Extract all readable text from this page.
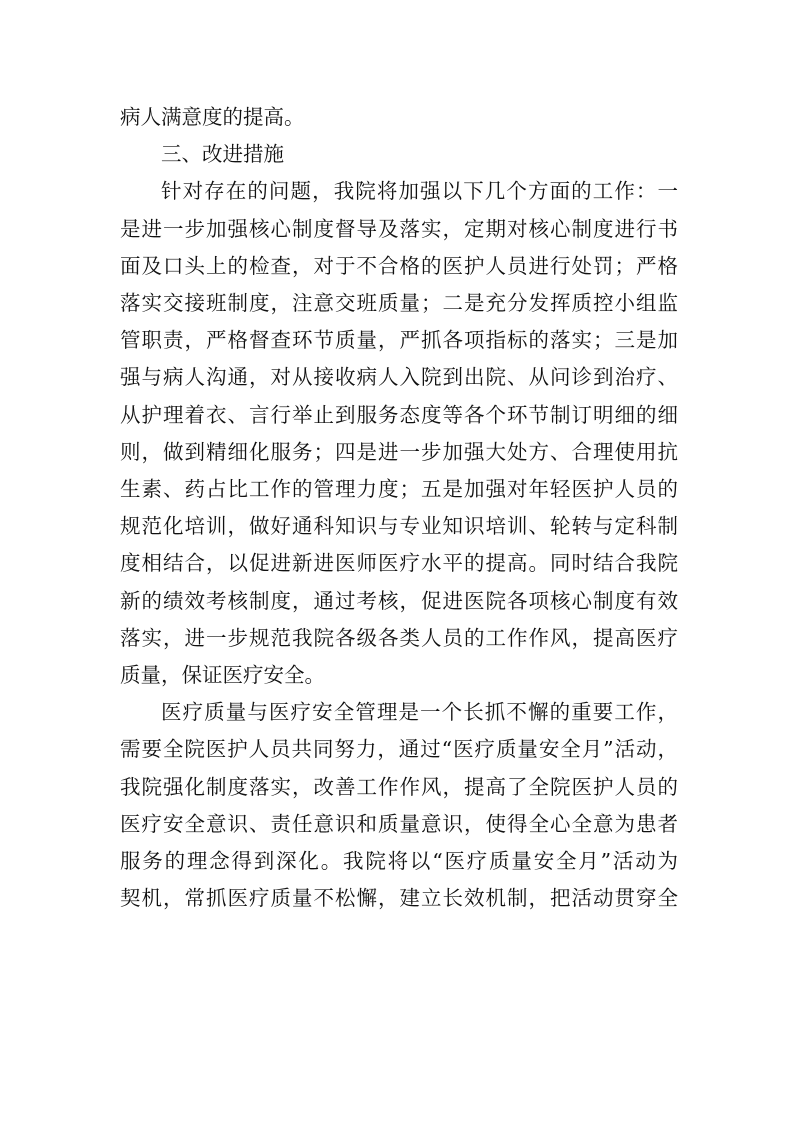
病人满意度的提高。
三、改进措施
针对存在的问题，我院将加强以下几个方面的工作：一
是进一步加强核心制度督导及落实，定期对核心制度进行书
面及口头上的检查，对于不合格的医护人员进行处罚；严格
落实交接班制度，注意交班质量；二是充分发挥质控小组监
管职责，严格督查环节质量，严抓各项指标的落实；三是加
强与病人沟通，对从接收病人入院到出院、从问诊到治疗、
从护理着衣、言行举止到服务态度等各个环节制订明细的细
则，做到精细化服务；四是进一步加强大处方、合理使用抗
生素、药占比工作的管理力度；五是加强对年轻医护人员的
规范化培训，做好通科知识与专业知识培训、轮转与定科制
度相结合，以促进新进医师医疗水平的提高。同时结合我院
新的绩效考核制度，通过考核，促进医院各项核心制度有效
落实，进一步规范我院各级各类人员的工作作风，提高医疗
质量，保证医疗安全。
医疗质量与医疗安全管理是一个长抓不懈的重要工作，
需要全院医护人员共同努力，通过“医疗质量安全月”活动，
我院强化制度落实，改善工作作风，提高了全院医护人员的
医疗安全意识、责任意识和质量意识，使得全心全意为患者
服务的理念得到深化。我院将以“医疗质量安全月”活动为
契机，常抓医疗质量不松懈，建立长效机制，把活动贯穿全
